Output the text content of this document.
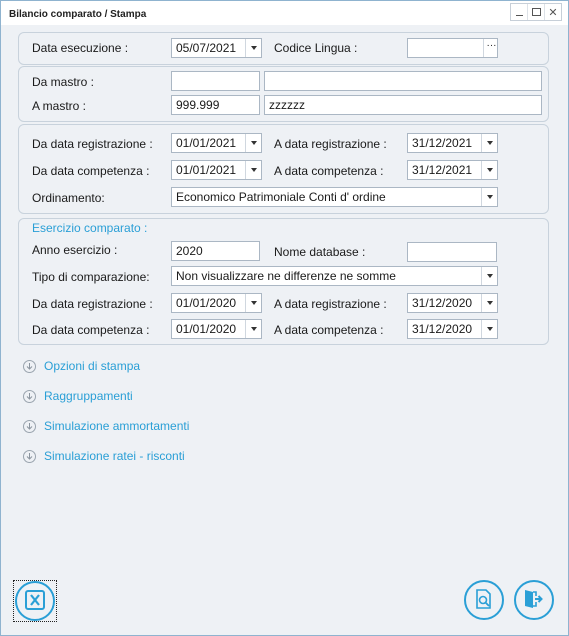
Bilancio comparato / Stampa	✕
Data esecuzione :	05/07/2021	Codice Lingua :	···
Da mastro :
A mastro :	999.999	zzzzzz
Da data registrazione : 01/01/2021	A data registrazione : 31/12/2021
Da data competenza : 01/01/2021	A data competenza : 31/12/2021
Ordinamento:	Economico Patrimoniale Conti d' ordine
Esercizio comparato :
Anno esercizio :	2020	Nome database :
Tipo di comparazione: Non visualizzare ne differenze ne somme
Da data registrazione : 01/01/2020	A data registrazione : 31/12/2020
Da data competenza : 01/01/2020	A data competenza : 31/12/2020
Opzioni di stampa
Raggruppamenti
Simulazione ammortamenti
Simulazione ratei - risconti
